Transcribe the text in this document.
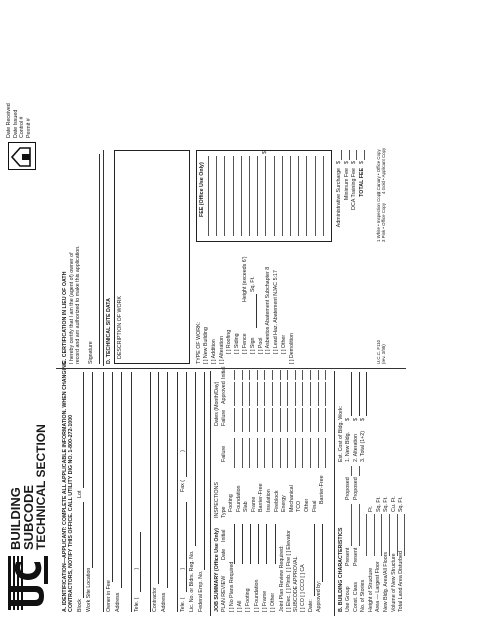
BUILDING
SUBCODE
TECHNICAL SECTION
Date Received Date Issued Control # Permit #
A. IDENTIFICATION—APPLICANT: COMPLETE ALL APPLICABLE INFORMATION. WHEN CHANGING CONTRACTORS, NOTIFY THIS OFFICE. CALL UTILITY DIG NO. 1-800-272-1000 Block
Lot
Work Site Location	Owner in Fee Address Tele. ()
Contractor Address Tele. ()
Fax ()
Lic. No. or Bldrs. Reg. No. Federal Emp. No. JOB SUMMARY (Office Use Only) PLAN REVIEW
Date
Initial
[ ] No Plans Required [ ] All [ ] Footing [ ] Foundation [ ] Frame [ ] Other Joint Plan Review Required: [ ] Elec. [ ] Plmb. [ ] Fire [ ] Elevator SUBCODE APPROVAL [ ] CO [ ] CCO [ ] CA Date: Approved by:
INSPECTIONS
Dates (Month/Day)
Type
Failure
Failure
Approved
Initial
Footing Foundation Slab Frame Barrier-Free Insulation Fireblock Energy Mechanical TCO Other Final
Barrier-Free
B. BUILDING CHARACTERISTICS Use Group Const. Class No. of Stories Height of Structure Area — Largest Floor New Bldg. Area/All Floors Volume of New Structure Total Land Area Disturbed
Present Present
Proposed Proposed
Ft. Sq. Ft. Sq. Ft. Cu. Ft. Sq. Ft.
Est. Cost of Bldg. Work: 1. New Bldg. 2. Alteration 3. Total (1+2)
$ $ $
C. CERTIFICATION IN LIEU OF OATH I hereby certify that I am the (agent of) owner of record and am authorized to make this application. Signature D. TECHNICAL SITE DATA DESCRIPTION OF WORK	TYPE OF WORK: [ ] New Building [ ] Addition [ ] Alteration [ ] Roofing [ ] Siding [ ] Fence [ ] Sign [ ] Pool [ ] Asbestos Abatement Subchapter 8 [ ] Lead Haz. Abatement NJAC 5:17 [ ] Other [ ] Demolition
Height (exceeds 6') Sq. Ft.
FEE (Office Use Only)
$
Administrative Surcharge Minimum Fee DCA Training Fee TOTAL FEE
$ $ $ $
U.C.C. F110 (rev. 3/95)
1 White • Inspection Copy 3 Pink • Office Copy
2 Canary • Office Copy 4 Gold • Applicant Copy
